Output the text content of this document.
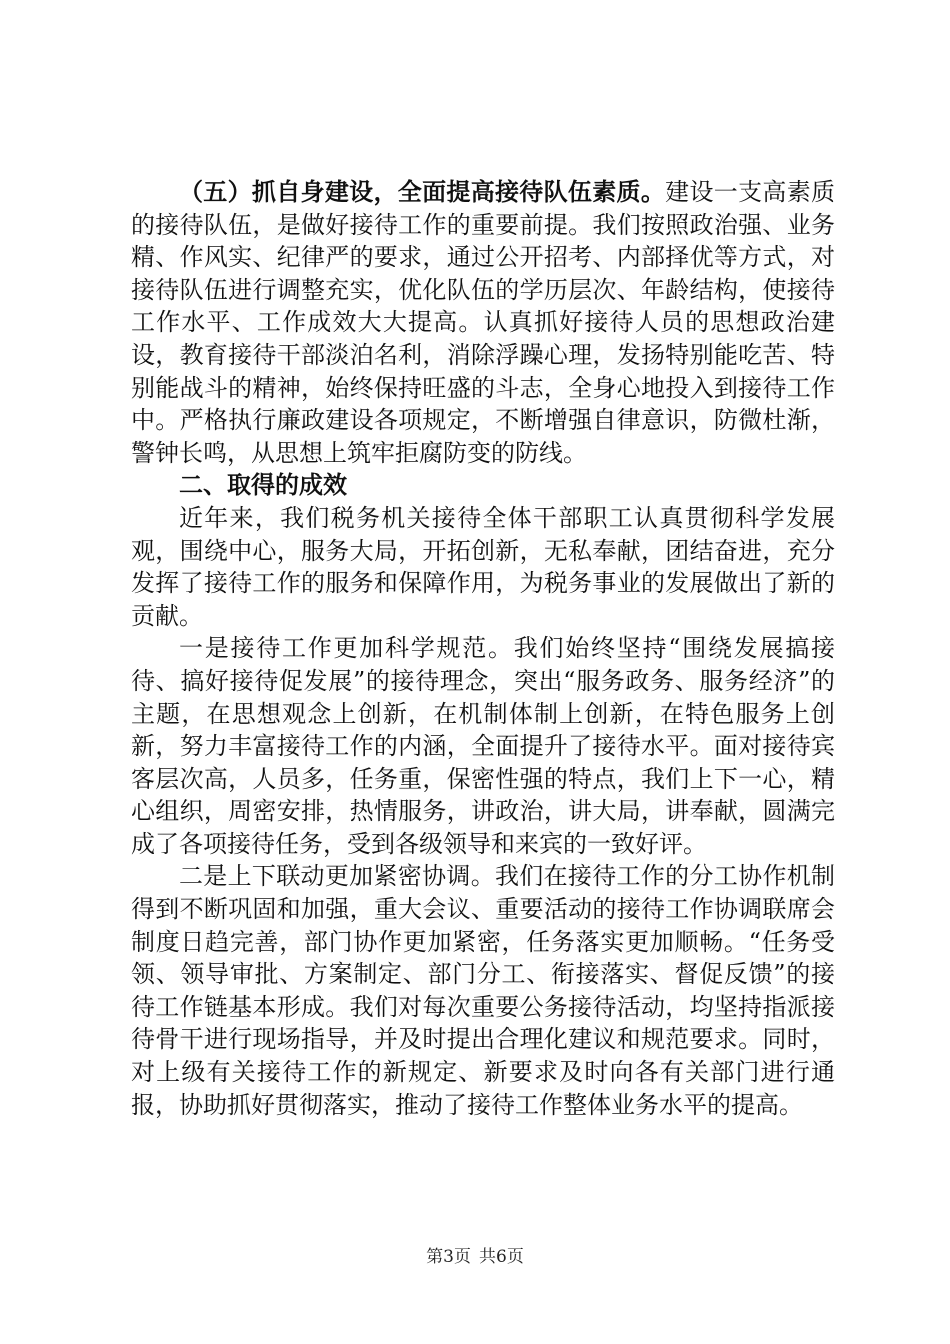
（五）抓自身建设，全面提高接待队伍素质。建设一支高素质的接待队伍，是做好接待工作的重要前提。我们按照政治强、业务精、作风实、纪律严的要求，通过公开招考、内部择优等方式，对接待队伍进行调整充实，优化队伍的学历层次、年龄结构，使接待工作水平、工作成效大大提高。认真抓好接待人员的思想政治建设，教育接待干部淡泊名利，消除浮躁心理，发扬特别能吃苦、特别能战斗的精神，始终保持旺盛的斗志，全身心地投入到接待工作中。严格执行廉政建设各项规定，不断增强自律意识，防微杜渐，警钟长鸣，从思想上筑牢拒腐防变的防线。

二、取得的成效

近年来，我们税务机关接待全体干部职工认真贯彻科学发展观，围绕中心，服务大局，开拓创新，无私奉献，团结奋进，充分发挥了接待工作的服务和保障作用，为税务事业的发展做出了新的贡献。

一是接待工作更加科学规范。我们始终坚持“围绕发展搞接待、搞好接待促发展”的接待理念，突出“服务政务、服务经济”的主题，在思想观念上创新，在机制体制上创新，在特色服务上创新，努力丰富接待工作的内涵，全面提升了接待水平。面对接待宾客层次高，人员多，任务重，保密性强的特点，我们上下一心，精心组织，周密安排，热情服务，讲政治，讲大局，讲奉献，圆满完成了各项接待任务，受到各级领导和来宾的一致好评。

二是上下联动更加紧密协调。我们在接待工作的分工协作机制得到不断巩固和加强，重大会议、重要活动的接待工作协调联席会制度日趋完善，部门协作更加紧密，任务落实更加顺畅。“任务受领、领导审批、方案制定、部门分工、衔接落实、督促反馈”的接待工作链基本形成。我们对每次重要公务接待活动，均坚持指派接待骨干进行现场指导，并及时提出合理化建议和规范要求。同时，对上级有关接待工作的新规定、新要求及时向各有关部门进行通报，协助抓好贯彻落实，推动了接待工作整体业务水平的提高。

第3页 共6页
